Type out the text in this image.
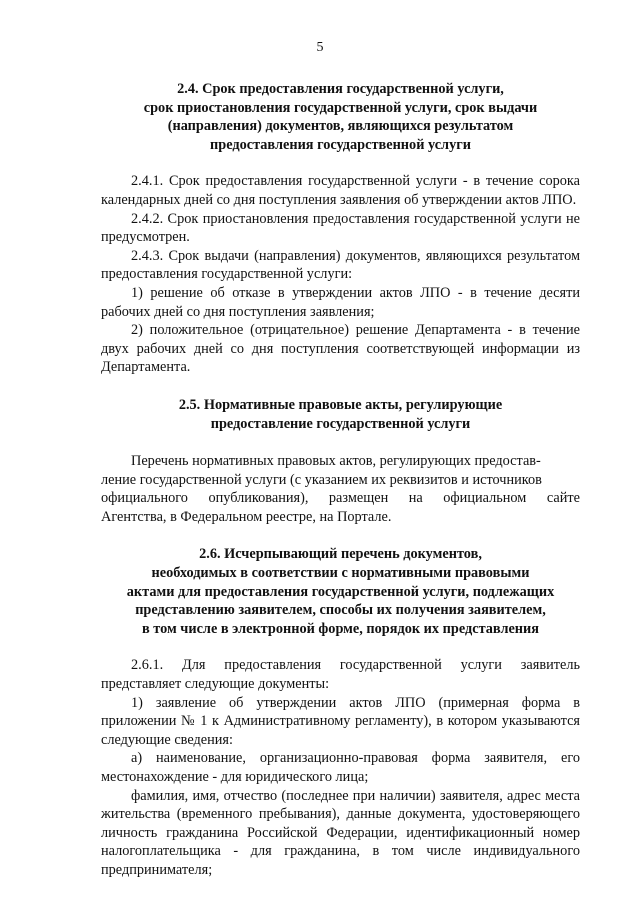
5
2.4. Срок предоставления государственной услуги,
срок приостановления государственной услуги, срок выдачи
(направления) документов, являющихся результатом
предоставления государственной услуги

2.4.1. Срок предоставления государственной услуги - в течение сорока календарных дней со дня поступления заявления об утверждении актов ЛПО.

2.4.2. Срок приостановления предоставления государственной услуги не предусмотрен.

2.4.3. Срок выдачи (направления) документов, являющихся результатом предоставления государственной услуги:

1) решение об отказе в утверждении актов ЛПО - в течение десяти рабочих дней со дня поступления заявления;

2) положительное (отрицательное) решение Департамента - в течение двух рабочих дней со дня поступления соответствующей информации из Департамента.

2.5. Нормативные правовые акты, регулирующие
предоставление государственной услуги
Перечень нормативных правовых актов, регулирующих предостав-
ление государственной услуги (с указанием их реквизитов и источников
официального опубликования), размещен на официальном сайте
Агентства, в Федеральном реестре, на Портале.
2.6. Исчерпывающий перечень документов,
необходимых в соответствии с нормативными правовыми
актами для предоставления государственной услуги, подлежащих
представлению заявителем, способы их получения заявителем,
в том числе в электронной форме, порядок их представления

2.6.1. Для предоставления государственной услуги заявитель представляет следующие документы:

1) заявление об утверждении актов ЛПО (примерная форма в приложении № 1 к Административному регламенту), в котором указываются следующие сведения:

а) наименование, организационно-правовая форма заявителя, его местонахождение - для юридического лица;

фамилия, имя, отчество (последнее при наличии) заявителя, адрес места жительства (временного пребывания), данные документа, удостоверяющего личность гражданина Российской Федерации, идентификационный номер налогоплательщика - для гражданина, в том числе индивидуального предпринимателя;
